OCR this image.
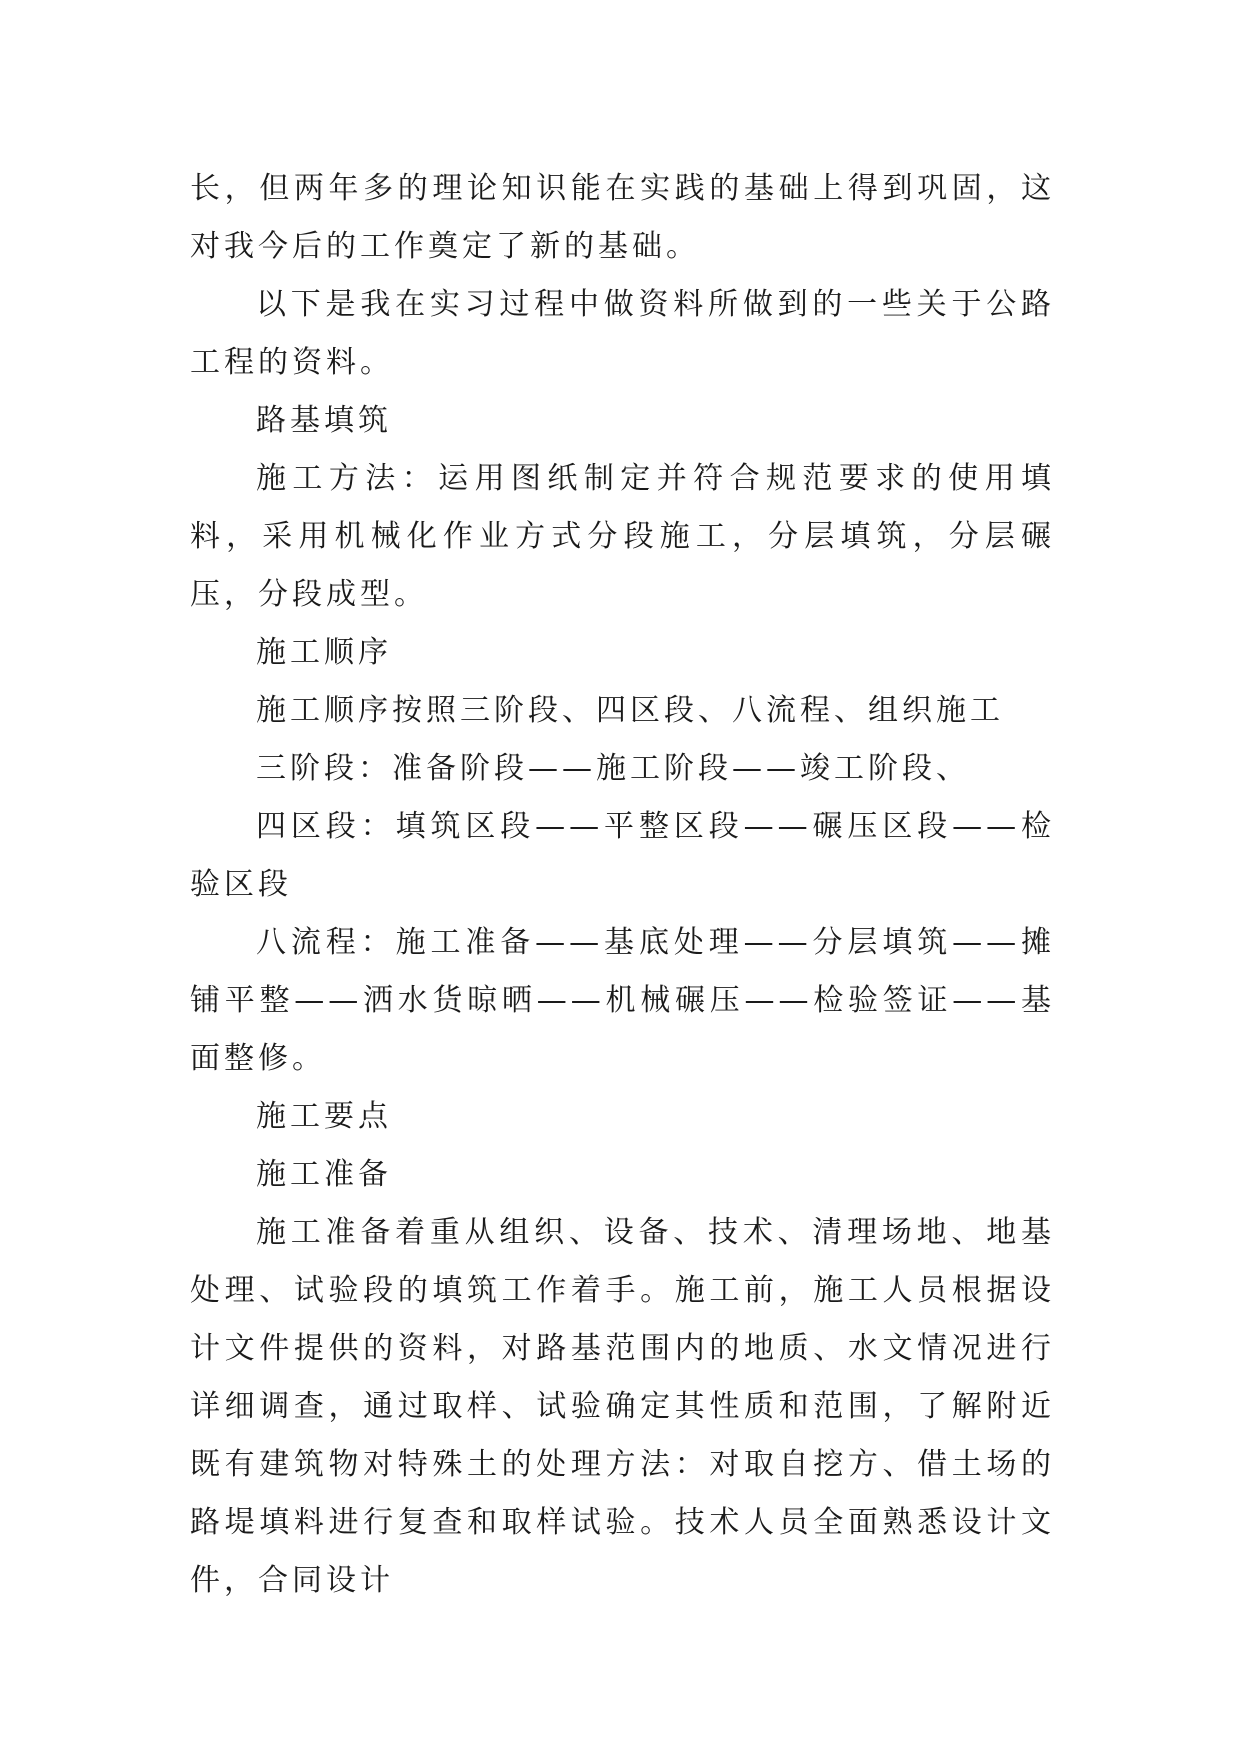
长，但两年多的理论知识能在实践的基础上得到巩固，这对我今后的工作奠定了新的基础。

以下是我在实习过程中做资料所做到的一些关于公路工程的资料。

路基填筑

施工方法：运用图纸制定并符合规范要求的使用填料，采用机械化作业方式分段施工，分层填筑，分层碾压，分段成型。

施工顺序

施工顺序按照三阶段、四区段、八流程、组织施工

三阶段：准备阶段——施工阶段——竣工阶段、

四区段：填筑区段——平整区段——碾压区段——检验区段

八流程：施工准备——基底处理——分层填筑——摊铺平整——洒水货晾晒——机械碾压——检验签证——基面整修。

施工要点

施工准备

施工准备着重从组织、设备、技术、清理场地、地基处理、试验段的填筑工作着手。施工前，施工人员根据设计文件提供的资料，对路基范围内的地质、水文情况进行详细调查，通过取样、试验确定其性质和范围，了解附近既有建筑物对特殊土的处理方法：对取自挖方、借土场的路堤填料进行复查和取样试验。技术人员全面熟悉设计文件，合同设计
